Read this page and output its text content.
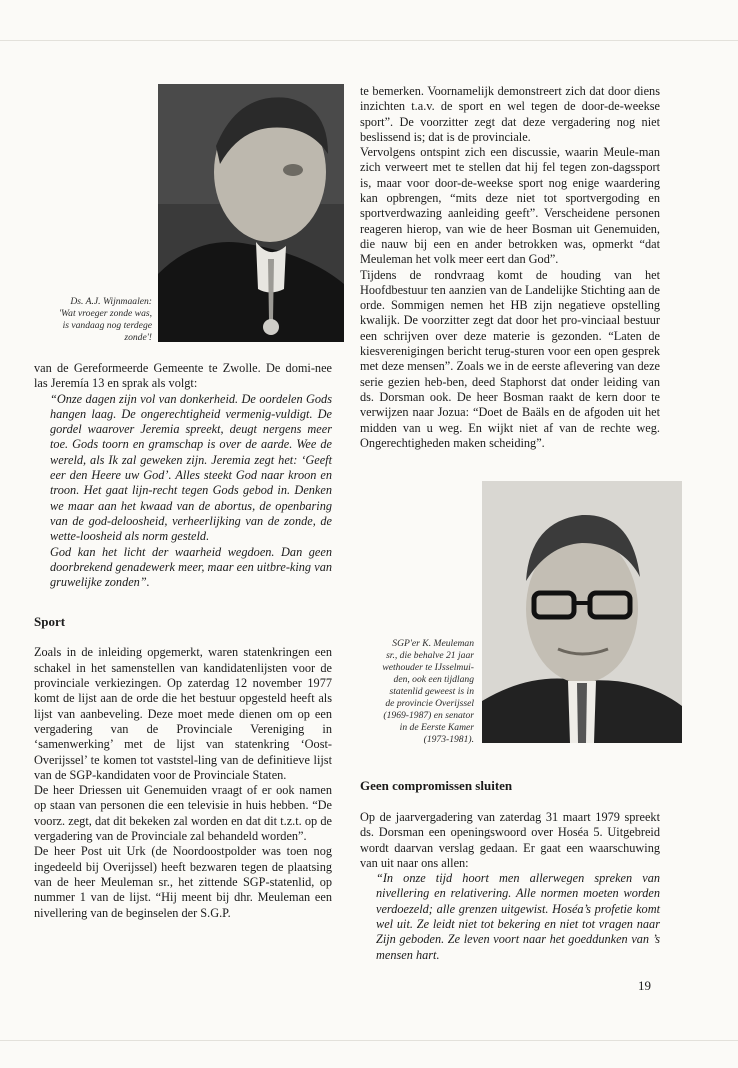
Ds. A.J. Wijnmaalen:
'Wat vroeger zonde was,
is vandaag nog terdege
zonde'!

van de Gereformeerde Gemeente te Zwolle. De domi-nee las Jeremía 13 en sprak als volgt:

“Onze dagen zijn vol van donkerheid. De oordelen Gods hangen laag. De ongerechtigheid vermenig-vuldigt. De gordel waarover Jeremia spreekt, deugt nergens meer toe. Gods toorn en gramschap is over de aarde. Wee de wereld, als Ik zal geweken zijn. Jeremia zegt het: ‘Geeft eer den Heere uw God’. Alles steekt God naar kroon en troon. Het gaat lijn-recht tegen Gods gebod in. Denken we maar aan het kwaad van de abortus, de openbaring van de god-deloosheid, verheerlijking van de zonde, de wette-loosheid als norm gesteld.

God kan het licht der waarheid wegdoen. Dan geen doorbrekend genadewerk meer, maar een uitbre-king van gruwelijke zonden”.

Sport

Zoals in de inleiding opgemerkt, waren statenkringen een schakel in het samenstellen van kandidatenlijsten voor de provinciale verkiezingen. Op zaterdag 12 november 1977 komt de lijst aan de orde die het bestuur opgesteld heeft als lijst van aanbeveling. Deze moet mede dienen om op een vergadering van de Provinciale Vereniging in ‘samenwerking’ met de lijst van statenkring ‘Oost-Overijssel’ te komen tot vaststel-ling van de definitieve lijst van de SGP-kandidaten voor de Provinciale Staten.

De heer Driessen uit Genemuiden vraagt of er ook namen op staan van personen die een televisie in huis hebben. “De voorz. zegt, dat dit bekeken zal worden en dat dit t.z.t. op de vergadering van de Provinciale zal behandeld worden”.

De heer Post uit Urk (de Noordoostpolder was toen nog ingedeeld bij Overijssel) heeft bezwaren tegen de plaatsing van de heer Meuleman sr., het zittende SGP-statenlid, op nummer 1 van de lijst. “Hij meent bij dhr. Meuleman een nivellering van de beginselen der S.G.P.

te bemerken. Voornamelijk demonstreert zich dat door diens inzichten t.a.v. de sport en wel tegen de door-de-weekse sport”. De voorzitter zegt dat deze vergadering nog niet beslissend is; dat is de provinciale.

Vervolgens ontspint zich een discussie, waarin Meule-man zich verweert met te stellen dat hij fel tegen zon-dagssport is, maar voor door-de-weekse sport nog enige waardering kan opbrengen, “mits deze niet tot sportvergoding en sportverdwazing aanleiding geeft”. Verscheidene personen reageren hierop, van wie de heer Bosman uit Genemuiden, die nauw bij een en ander betrokken was, opmerkt “dat Meuleman het volk meer eert dan God”.

Tijdens de rondvraag komt de houding van het Hoofdbestuur ten aanzien van de Landelijke Stichting aan de orde. Sommigen nemen het HB zijn negatieve opstelling kwalijk. De voorzitter zegt dat door het pro-vinciaal bestuur een schrijven over deze materie is gezonden. “Laten de kiesverenigingen bericht terug-sturen voor een open gesprek met deze mensen”. Zoals we in de eerste aflevering van deze serie gezien heb-ben, deed Staphorst dat onder leiding van ds. Dorsman ook. De heer Bosman raakt de kern door te verwijzen naar Jozua: “Doet de Baäls en de afgoden uit het midden van u weg. En wijkt niet af van de rechte weg. Ongerechtigheden maken scheiding”.

SGP'er K. Meuleman
sr., die behalve 21 jaar
wethouder te IJsselmui-
den, ook een tijdlang
statenlid geweest is in
de provincie Overijssel
(1969-1987) en senator
in de Eerste Kamer
(1973-1981).
Geen compromissen sluiten

Op de jaarvergadering van zaterdag 31 maart 1979 spreekt ds. Dorsman een openingswoord over Hoséa 5. Uitgebreid wordt daarvan verslag gedaan. Er gaat een waarschuwing van uit naar ons allen:

“In onze tijd hoort men allerwegen spreken van nivellering en relativering. Alle normen moeten worden verdoezeld; alle grenzen uitgewist. Hoséa’s profetie komt wel uit. Ze leidt niet tot bekering en niet tot vragen naar Zijn geboden. Ze leven voort naar het goeddunken van ’s mensen hart.

19
